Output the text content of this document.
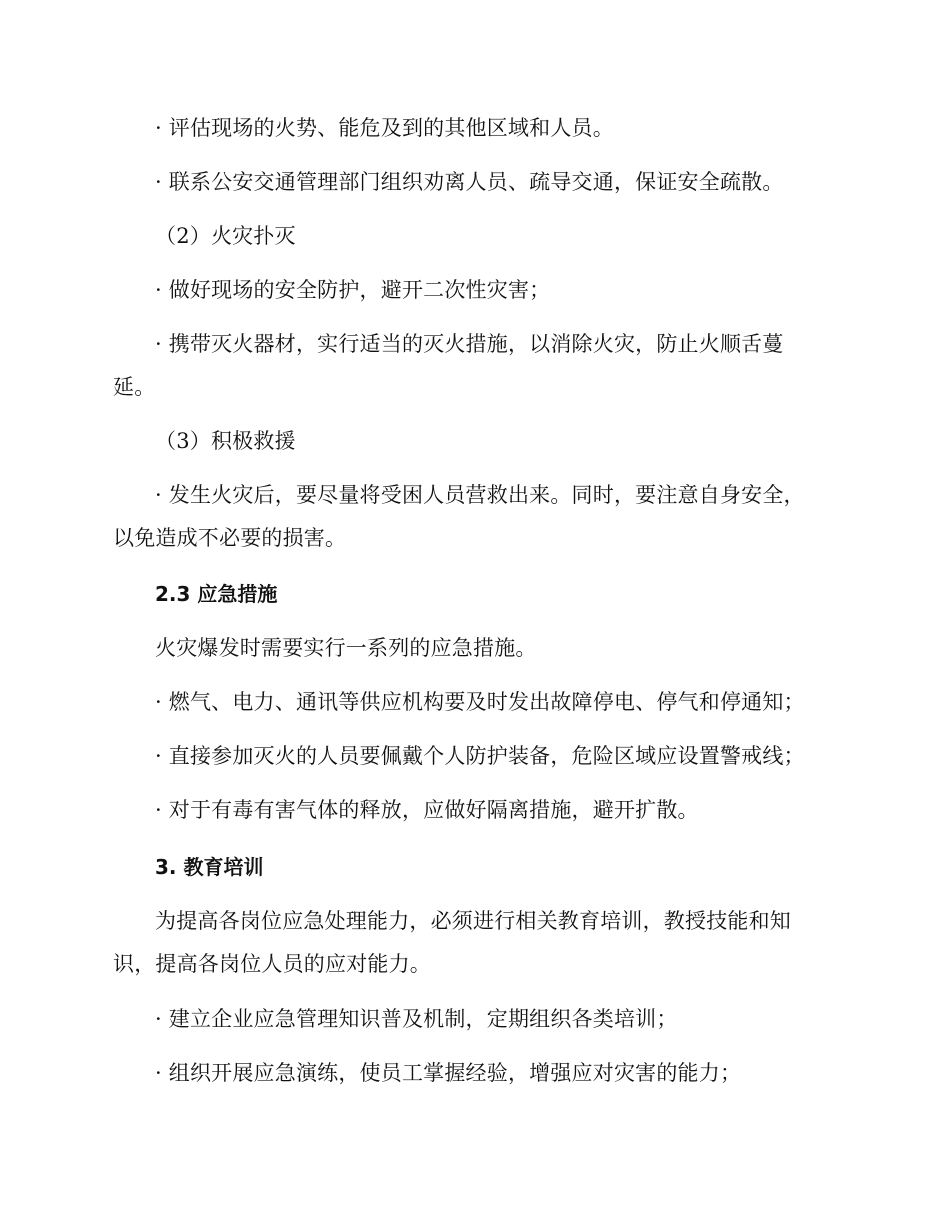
· 评估现场的火势、能危及到的其他区域和人员。

· 联系公安交通管理部门组织劝离人员、疏导交通，保证安全疏散。

（2）火灾扑灭

· 做好现场的安全防护，避开二次性灾害；

· 携带灭火器材，实行适当的灭火措施，以消除火灾，防止火顺舌蔓延。

（3）积极救援

· 发生火灾后，要尽量将受困人员营救出来。同时，要注意自身安全，以免造成不必要的损害。

2.3 应急措施

火灾爆发时需要实行一系列的应急措施。

· 燃气、电力、通讯等供应机构要及时发出故障停电、停气和停通知；

· 直接参加灭火的人员要佩戴个人防护装备，危险区域应设置警戒线；

· 对于有毒有害气体的释放，应做好隔离措施，避开扩散。

3. 教育培训

为提高各岗位应急处理能力，必须进行相关教育培训，教授技能和知识，提高各岗位人员的应对能力。

· 建立企业应急管理知识普及机制，定期组织各类培训；

· 组织开展应急演练，使员工掌握经验，增强应对灾害的能力；
